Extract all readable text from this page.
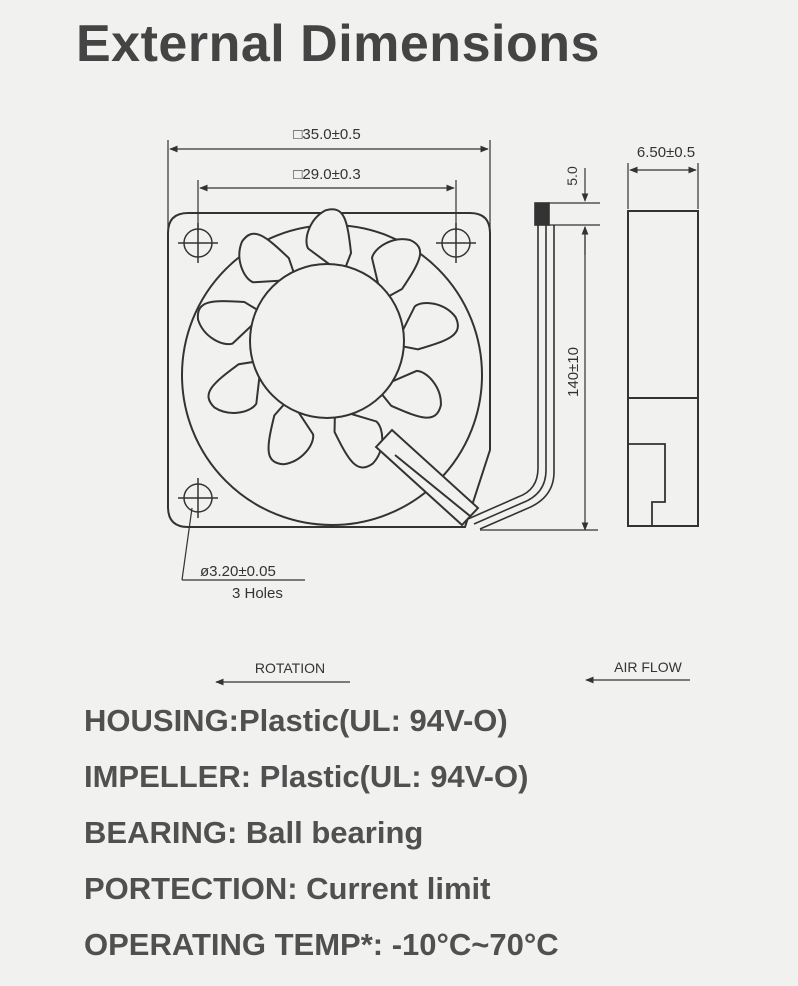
External Dimensions
□35.0±0.5
□29.0±0.3	5.0
140±10
6.50±0.5
ø3.20±0.05
3 Holes
ROTATION	AIR FLOW
HOUSING:Plastic(UL: 94V-O)
IMPELLER: Plastic(UL: 94V-O)
BEARING: Ball bearing
PORTECTION: Current limit
OPERATING TEMP*: -10°C~70°C
